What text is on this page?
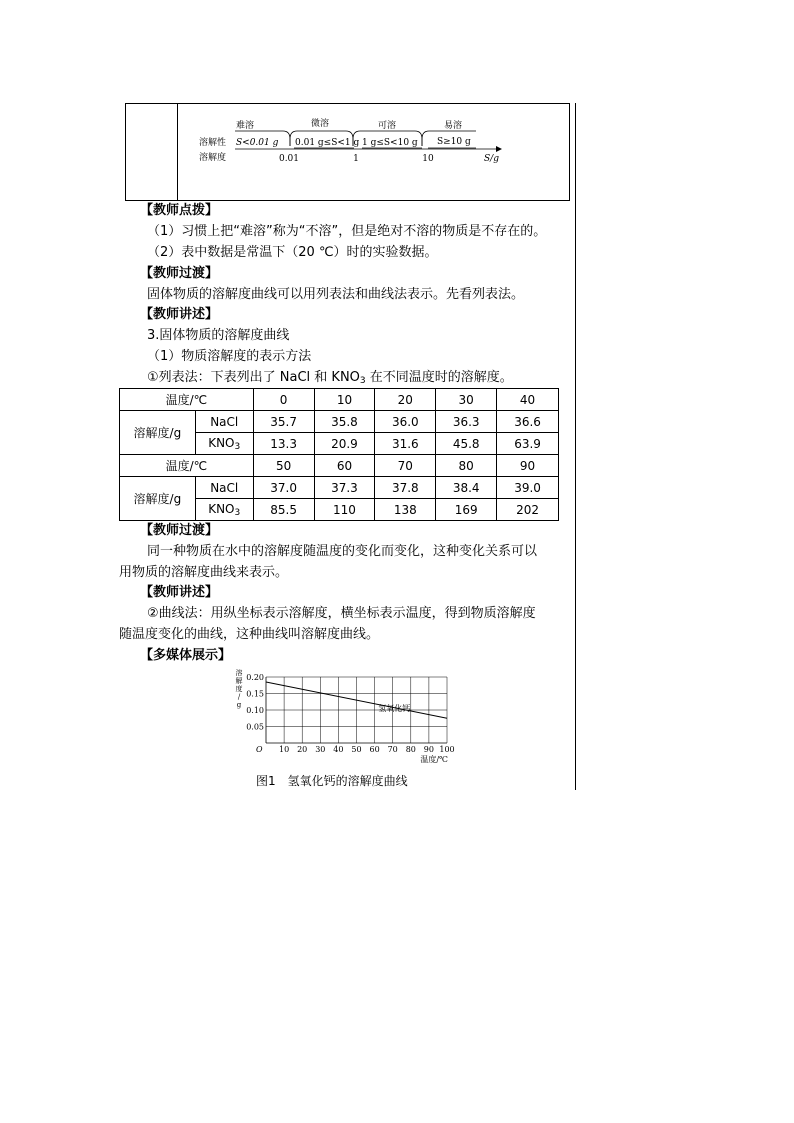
难溶	微溶	可溶	易溶
溶解性 S<0.01 g 0.01 g≤S<1 g 1 g≤S<10 g S≥10 g
溶解度	0.01	1	10	S/g
【教师点拨】
（1）习惯上把“难溶”称为“不溶”，但是绝对不溶的物质是不存在的。
（2）表中数据是常温下（20 ℃）时的实验数据。
【教师过渡】
固体物质的溶解度曲线可以用列表法和曲线法表示。先看列表法。
【教师讲述】
3.固体物质的溶解度曲线
（1）物质溶解度的表示方法
①列表法：下表列出了 NaCl 和 $KNO_3$ 在不同温度时的溶解度。
温度/℃		0	10	20	30	40
溶解度/g	NaCl	35.7	35.8	36.0	36.3	36.6
	$KNO_3$	13.3	20.9	31.6	45.8	63.9
温度/℃		50	60	70	80	90
溶解度/g	NaCl	37.0	37.3	37.8	38.4	39.0
	$KNO_3$	85.5	110	138	169	202
【教师过渡】
同一种物质在水中的溶解度随温度的变化而变化，这种变化关系可以
用物质的溶解度曲线来表示。
【教师讲述】
②曲线法：用纵坐标表示溶解度，横坐标表示温度，得到物质溶解度
随温度变化的曲线，这种曲线叫溶解度曲线。
【多媒体展示】
10 20 30 40 50 60 70 80 90 100
0.05
0.10
0.15
0.20
O
溶
解
度
/
g
温度/℃
氢氧化钙
图1　氢氧化钙的溶解度曲线
